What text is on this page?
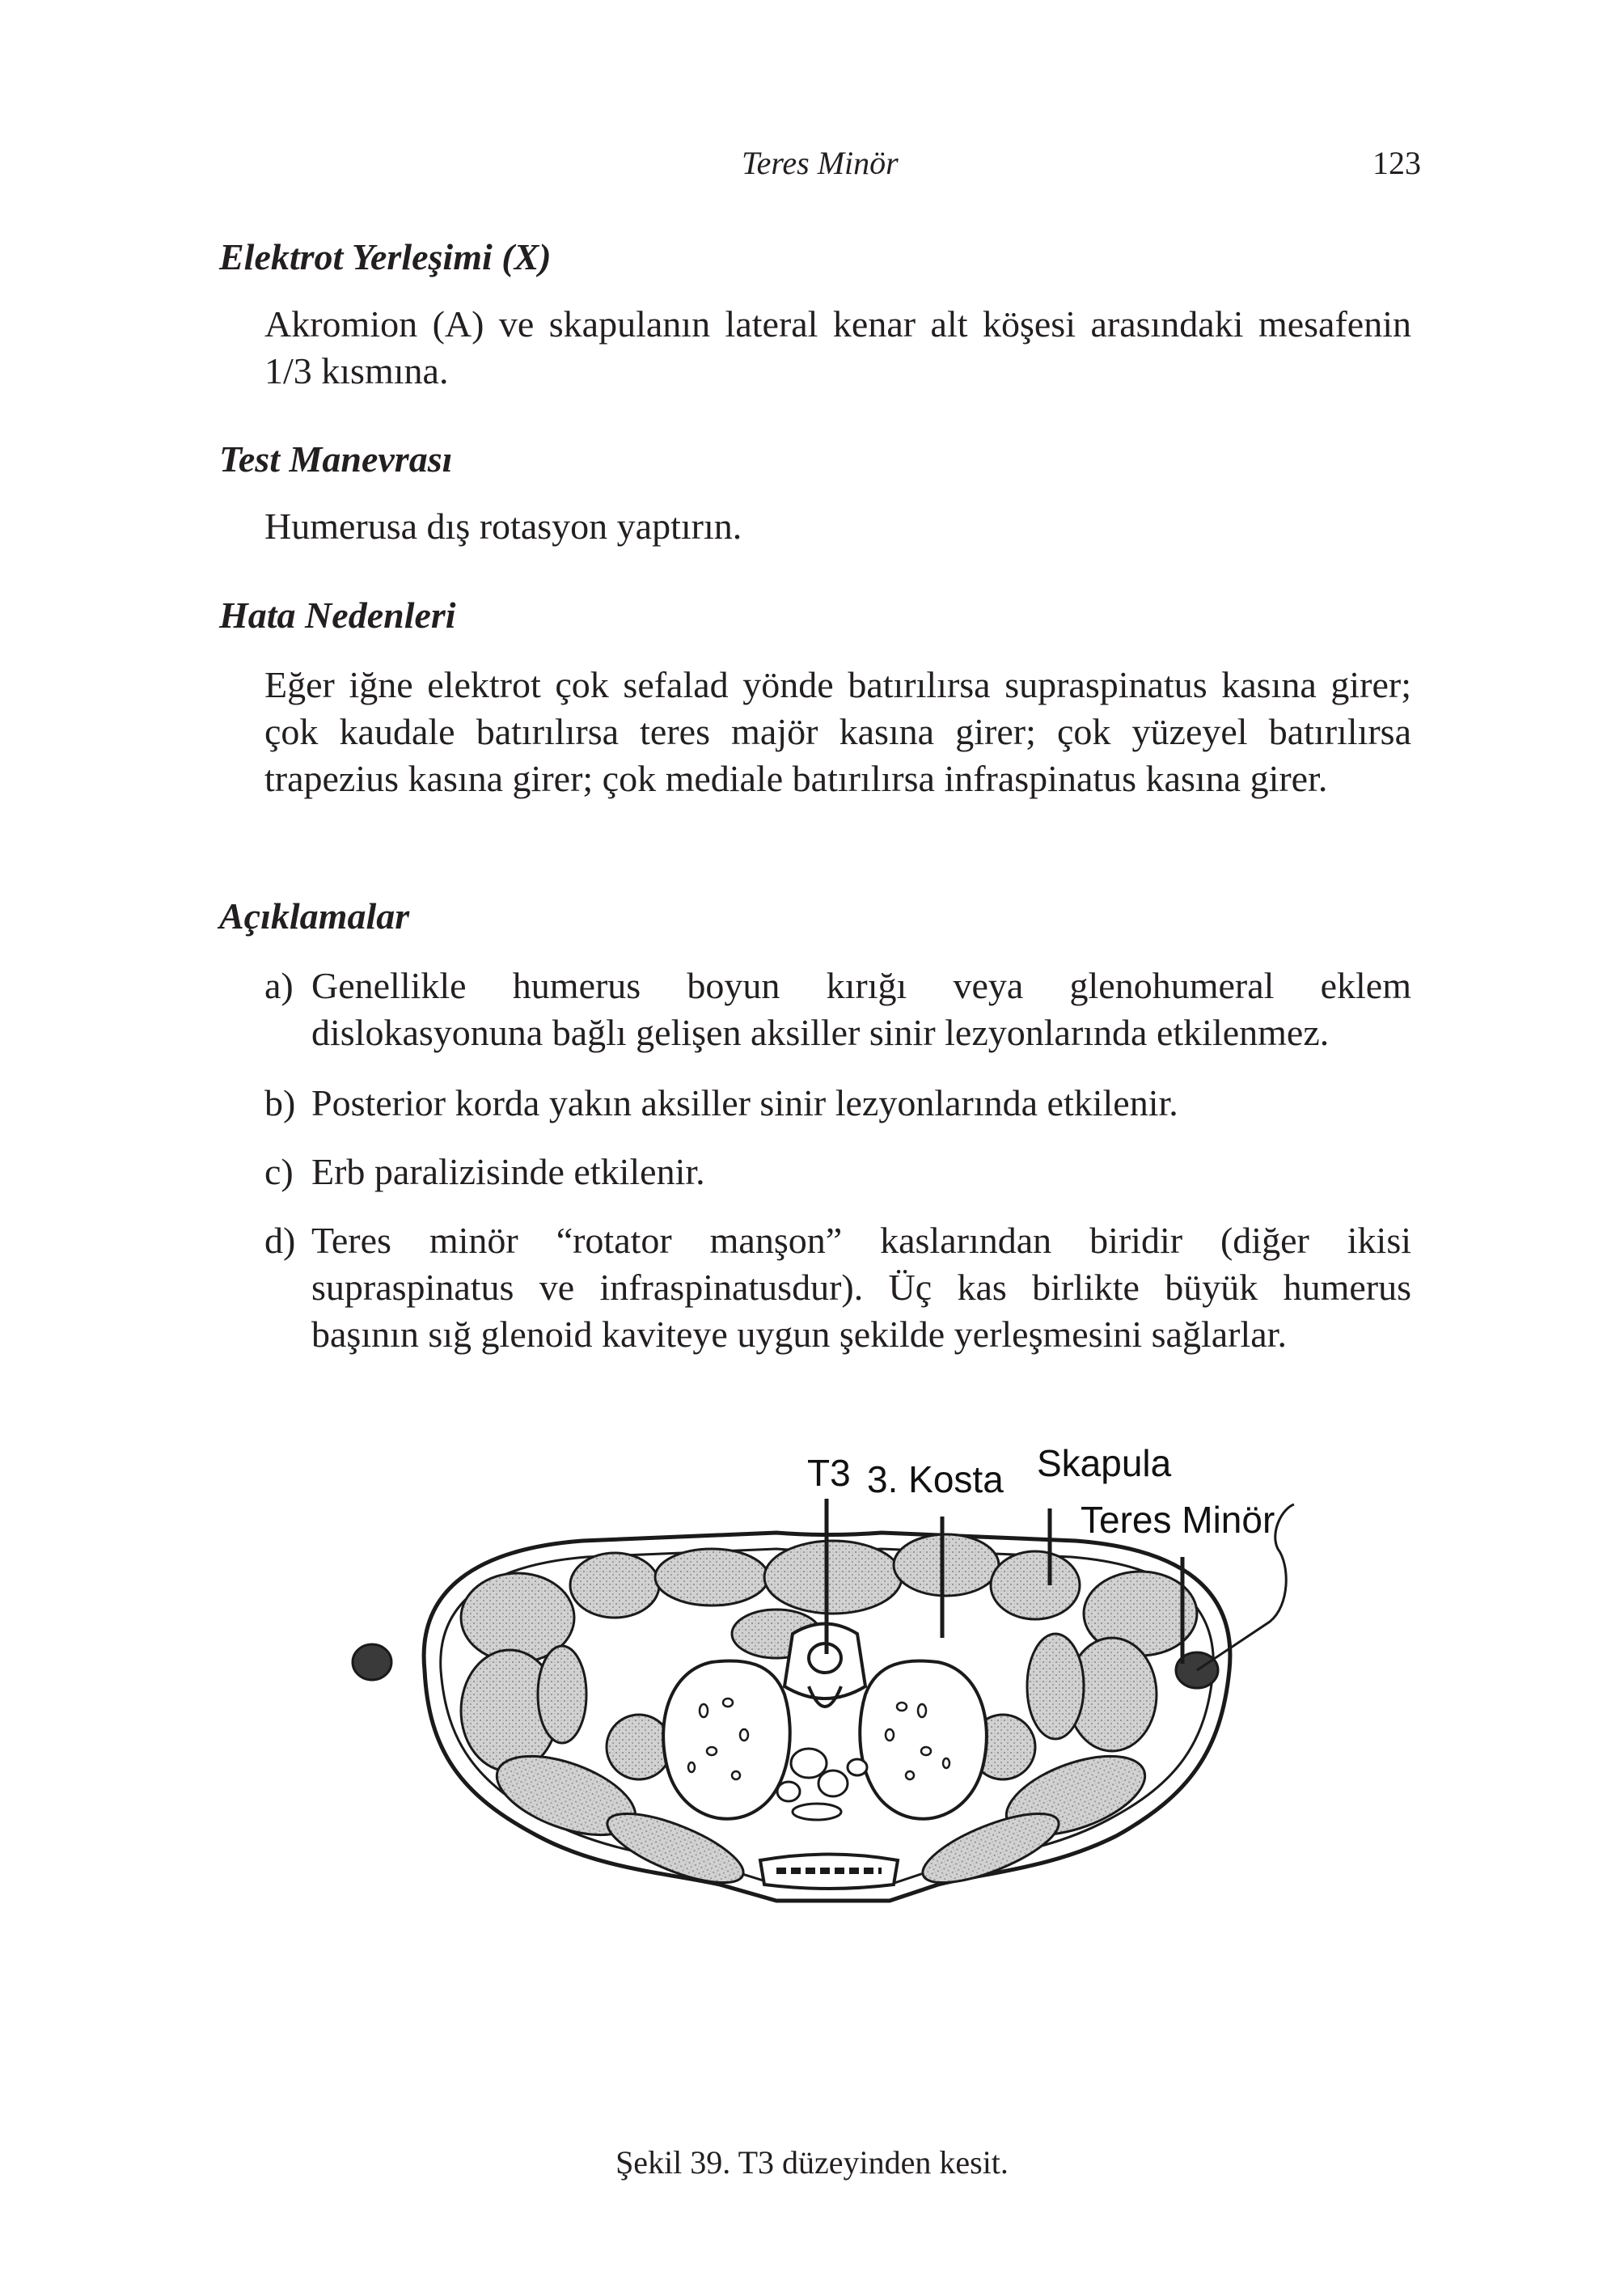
Teres Minör	123
Elektrot Yerleşimi (X)
Akromion (A) ve skapulanın lateral kenar alt köşesi arasındaki mesafenin 1/3 kısmına.
Test Manevrası
Humerusa dış rotasyon yaptırın.
Hata Nedenleri
Eğer iğne elektrot çok sefalad yönde batırılırsa supraspinatus kasına girer; çok kaudale batırılırsa teres majör kasına girer; çok yüzeyel batırılırsa trapezius kasına girer; çok mediale batırılırsa infraspinatus kasına girer.
Açıklamalar
a) Genellikle humerus boyun kırığı veya glenohumeral eklem dislokasyonuna bağlı gelişen aksiller sinir lezyonlarında etkilenmez.
b) Posterior korda yakın aksiller sinir lezyonlarında etkilenir.
c) Erb paralizisinde etkilenir.
d) Teres minör “rotator manşon” kaslarından biridir (diğer ikisi supraspinatus ve infraspinatusdur). Üç kas birlikte büyük humerus başının sığ glenoid kaviteye uygun şekilde yerleşmesini sağlarlar.
T3 3. Kosta Skapula
Teres Minör
Şekil 39. T3 düzeyinden kesit.
